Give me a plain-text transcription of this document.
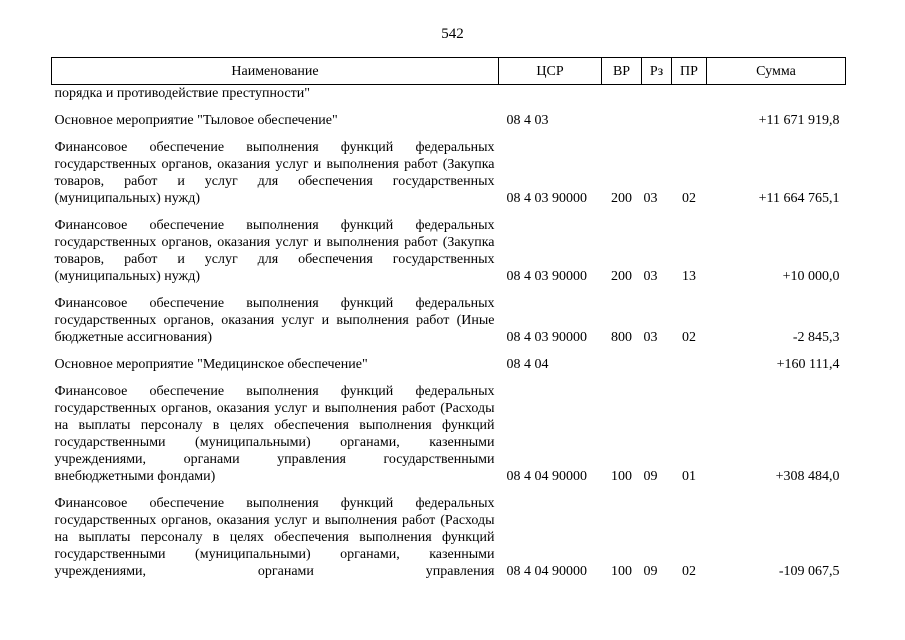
542
Наименование	ЦСР	ВР	Рз	ПР	Сумма
порядка и противодействие преступности"					

Основное мероприятие "Тыловое обеспечение"	08 4 03				+11 671 919,8

Финансовое обеспечение выполнения функций федеральных государственных органов, оказания услуг и выполнения работ (Закупка товаров, работ и услуг для обеспечения государственных (муниципальных) нужд)	08 4 03 90000	200	03	02	+11 664 765,1

Финансовое обеспечение выполнения функций федеральных государственных органов, оказания услуг и выполнения работ (Закупка товаров, работ и услуг для обеспечения государственных (муниципальных) нужд)	08 4 03 90000	200	03	13	+10 000,0

Финансовое обеспечение выполнения функций федеральных государственных органов, оказания услуг и выполнения работ (Иные бюджетные ассигнования)	08 4 03 90000	800	03	02	-2 845,3

Основное мероприятие "Медицинское обеспечение"	08 4 04				+160 111,4

Финансовое обеспечение выполнения функций федеральных государственных органов, оказания услуг и выполнения работ (Расходы на выплаты персоналу в целях обеспечения выполнения функций государственными (муниципальными) органами, казенными учреждениями, органами управления государственными внебюджетными фондами)	08 4 04 90000	100	09	01	+308 484,0

Финансовое обеспечение выполнения функций федеральных государственных органов, оказания услуг и выполнения работ (Расходы на выплаты персоналу в целях обеспечения выполнения функций государственными (муниципальными) органами, казенными учреждениями, органами управления	08 4 04 90000	100	09	02	-109 067,5
